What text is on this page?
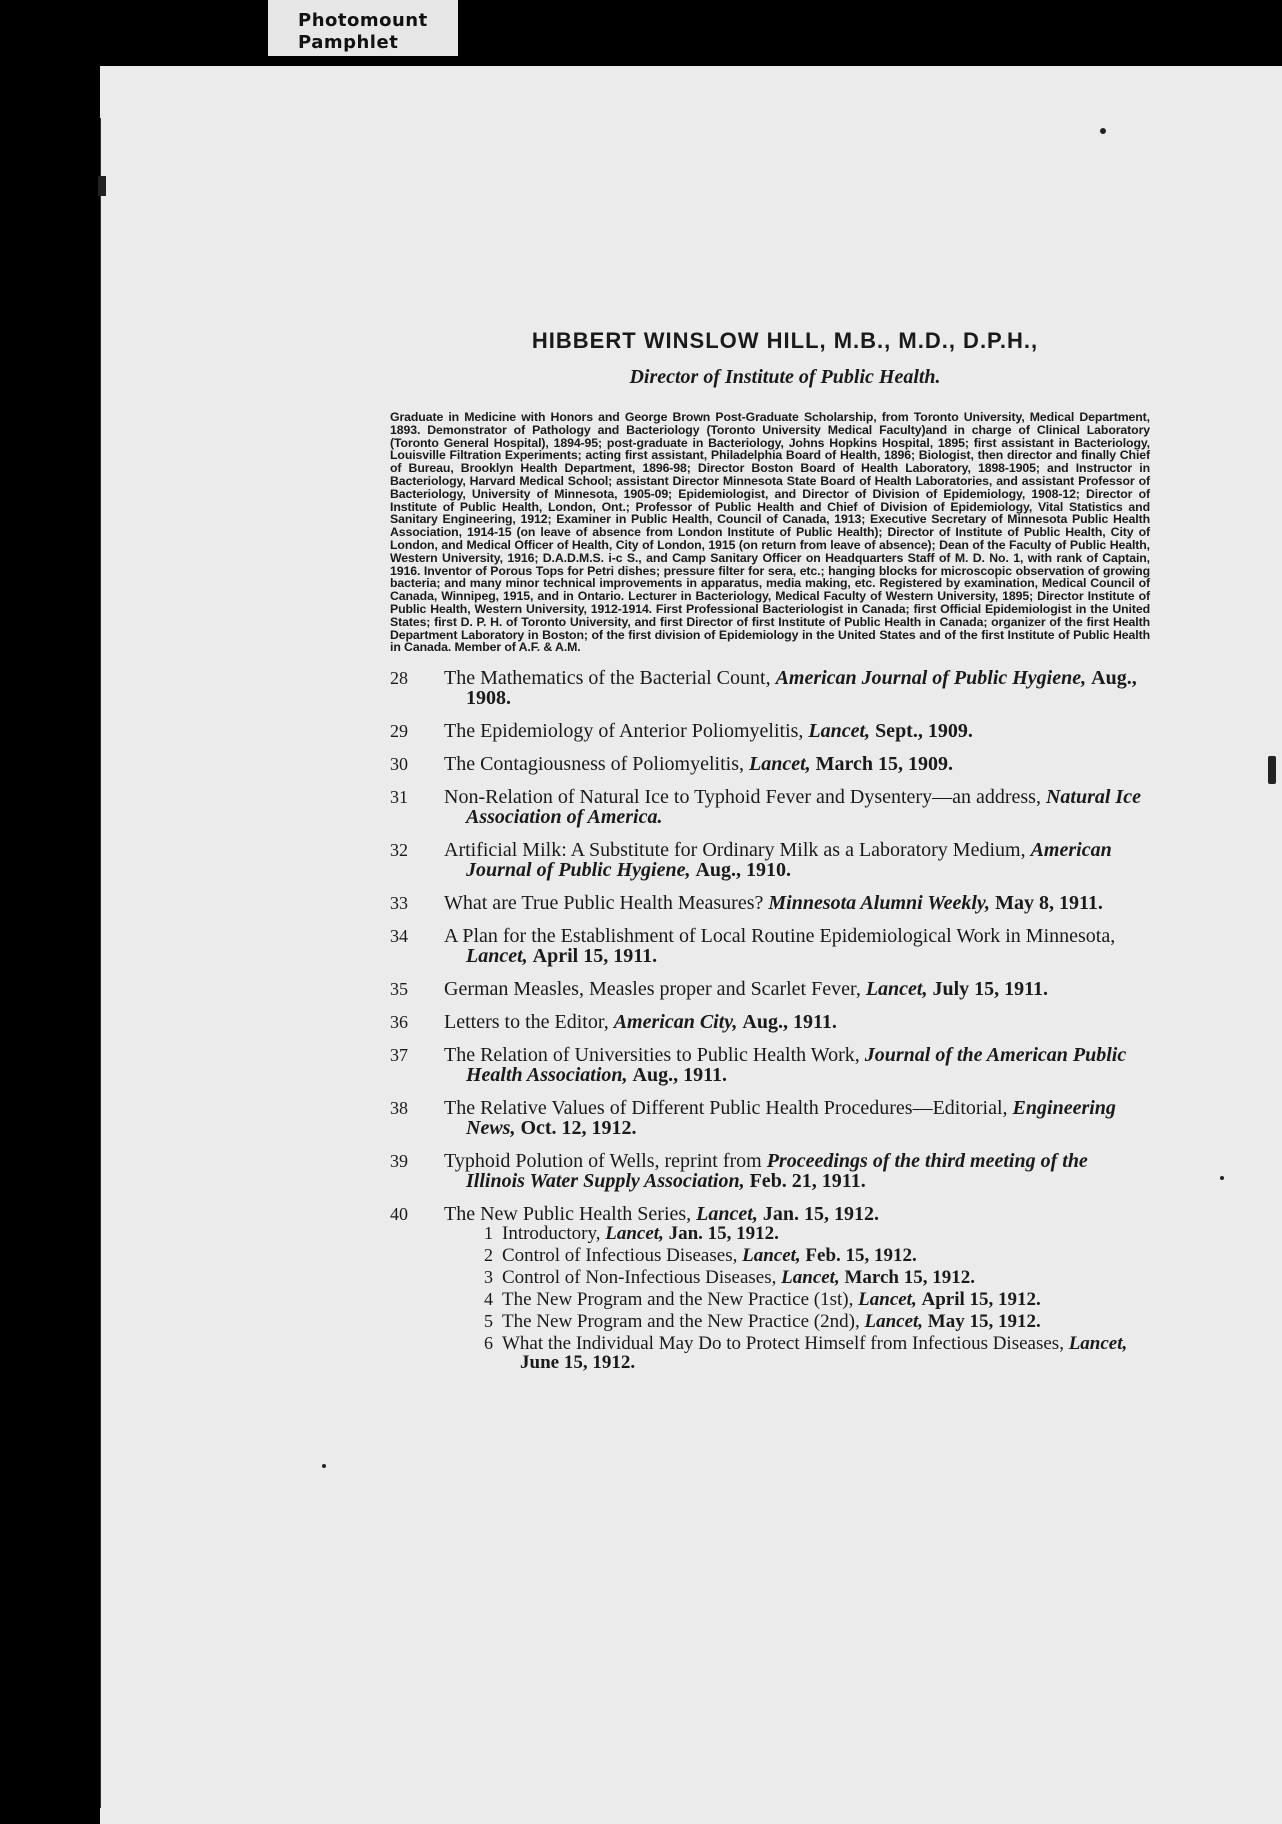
Photomount
Pamphlet
HIBBERT WINSLOW HILL, M.B., M.D., D.P.H.,
Director of Institute of Public Health.
Graduate in Medicine with Honors and George Brown Post-Graduate Scholarship, from Toronto University, Medical Department, 1893. Demonstrator of Pathology and Bacteriology (Toronto University Medical Faculty)and in charge of Clinical Laboratory (Toronto General Hospital), 1894-95; post-graduate in Bacteriology, Johns Hopkins Hospital, 1895; first assistant in Bacteriology, Louisville Filtration Experiments; acting first assistant, Philadelphia Board of Health, 1896; Biologist, then director and finally Chief of Bureau, Brooklyn Health Department, 1896-98; Director Boston Board of Health Laboratory, 1898-1905; and Instructor in Bacteriology, Harvard Medical School; assistant Director Minnesota State Board of Health Laboratories, and assistant Professor of Bacteriology, University of Minnesota, 1905-09; Epidemiologist, and Director of Division of Epidemiology, 1908-12; Director of Institute of Public Health, London, Ont.; Professor of Public Health and Chief of Division of Epidemiology, Vital Statistics and Sanitary Engineering, 1912; Examiner in Public Health, Council of Canada, 1913; Executive Secretary of Minnesota Public Health Association, 1914-15 (on leave of absence from London Institute of Public Health); Director of Institute of Public Health, City of London, and Medical Officer of Health, City of London, 1915 (on return from leave of absence); Dean of the Faculty of Public Health, Western University, 1916; D.A.D.M.S. i-c S., and Camp Sanitary Officer on Headquarters Staff of M. D. No. 1, with rank of Captain, 1916. Inventor of Porous Tops for Petri dishes; pressure filter for sera, etc.; hanging blocks for microscopic observation of growing bacteria; and many minor technical improvements in apparatus, media making, etc. Registered by examination, Medical Council of Canada, Winnipeg, 1915, and in Ontario. Lecturer in Bacteriology, Medical Faculty of Western University, 1895; Director Institute of Public Health, Western University, 1912-1914. First Professional Bacteriologist in Canada; first Official Epidemiologist in the United States; first D. P. H. of Toronto University, and first Director of first Institute of Public Health in Canada; organizer of the first Health Department Laboratory in Boston; of the first division of Epidemiology in the United States and of the first Institute of Public Health in Canada. Member of A.F. & A.M.
28	The Mathematics of the Bacterial Count, American Journal of Public Hygiene, Aug., 1908.
29	The Epidemiology of Anterior Poliomyelitis, Lancet, Sept., 1909.
30	The Contagiousness of Poliomyelitis, Lancet, March 15, 1909.
31	Non-Relation of Natural Ice to Typhoid Fever and Dysentery—an address, Natural Ice Association of America.
32	Artificial Milk: A Substitute for Ordinary Milk as a Laboratory Medium, American Journal of Public Hygiene, Aug., 1910.
33	What are True Public Health Measures? Minnesota Alumni Weekly, May 8, 1911.
34	A Plan for the Establishment of Local Routine Epidemiological Work in Minnesota, Lancet, April 15, 1911.
35	German Measles, Measles proper and Scarlet Fever, Lancet, July 15, 1911.
36	Letters to the Editor, American City, Aug., 1911.
37	The Relation of Universities to Public Health Work, Journal of the American Public Health Association, Aug., 1911.
38	The Relative Values of Different Public Health Procedures—Editorial, Engineering News, Oct. 12, 1912.
39	Typhoid Polution of Wells, reprint from Proceedings of the third meeting of the Illinois Water Supply Association, Feb. 21, 1911.
40	The New Public Health Series, Lancet, Jan. 15, 1912.
1 Introductory, Lancet, Jan. 15, 1912.
2 Control of Infectious Diseases, Lancet, Feb. 15, 1912.
3 Control of Non-Infectious Diseases, Lancet, March 15, 1912.
4 The New Program and the New Practice (1st), Lancet, April 15, 1912.
5 The New Program and the New Practice (2nd), Lancet, May 15, 1912.
6 What the Individual May Do to Protect Himself from Infectious Diseases, Lancet, June 15, 1912.
